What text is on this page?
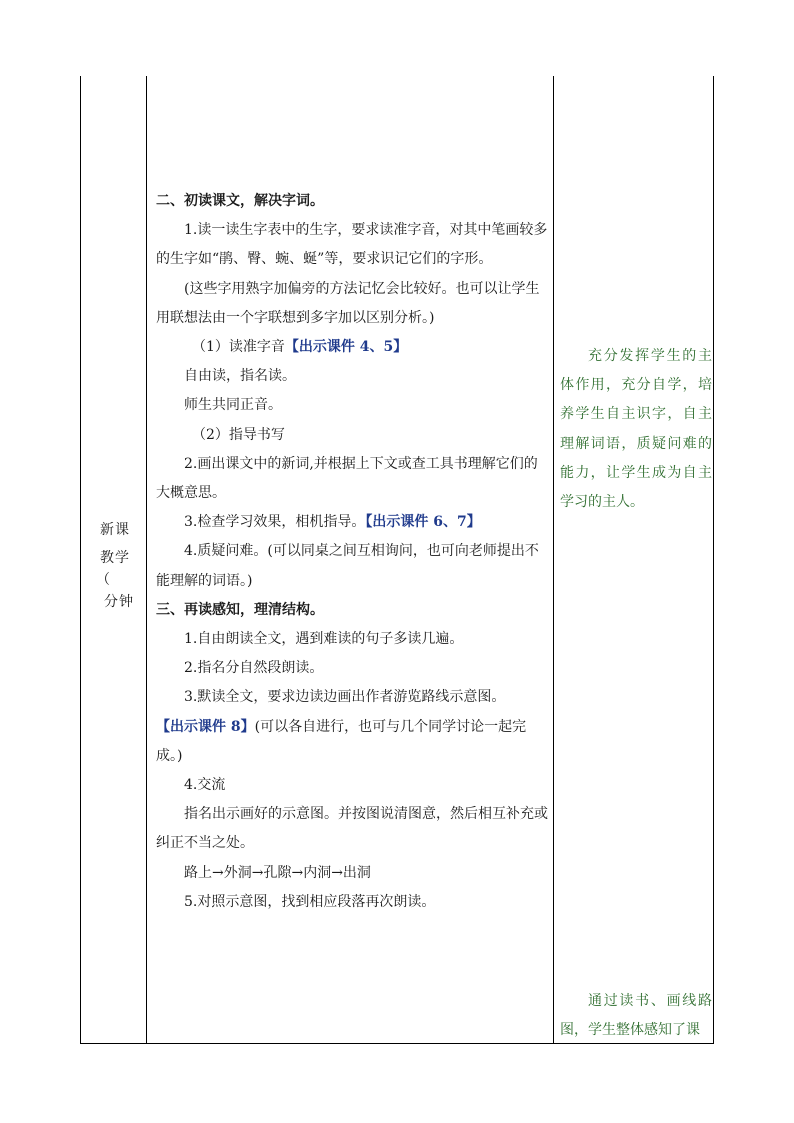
新课
教学
（
分钟

二、初读课文，解决字词。

1.读一读生字表中的生字，要求读准字音，对其中笔画较多的生字如“鹃、臀、蜿、蜒”等，要求识记它们的字形。

(这些字用熟字加偏旁的方法记忆会比较好。也可以让学生用联想法由一个字联想到多字加以区别分析。)

（1）读准字音【出示课件 4、5】

自由读，指名读。

师生共同正音。

（2）指导书写

2.画出课文中的新词,并根据上下文或查工具书理解它们的大概意思。

3.检查学习效果，相机指导。【出示课件 6、7】

4.质疑问难。(可以同桌之间互相询问，也可向老师提出不能理解的词语。)

三、再读感知，理清结构。

1.自由朗读全文，遇到难读的句子多读几遍。

2.指名分自然段朗读。

3.默读全文，要求边读边画出作者游览路线示意图。

【出示课件 8】(可以各自进行，也可与几个同学讨论一起完成。)

4.交流

指名出示画好的示意图。并按图说清图意，然后相互补充或纠正不当之处。

路上→外洞→孔隙→内洞→出洞

5.对照示意图，找到相应段落再次朗读。

充分发挥学生的主体作用，充分自学，培养学生自主识字，自主理解词语，质疑问难的能力，让学生成为自主学习的主人。

通过读书、画线路图，学生整体感知了课
